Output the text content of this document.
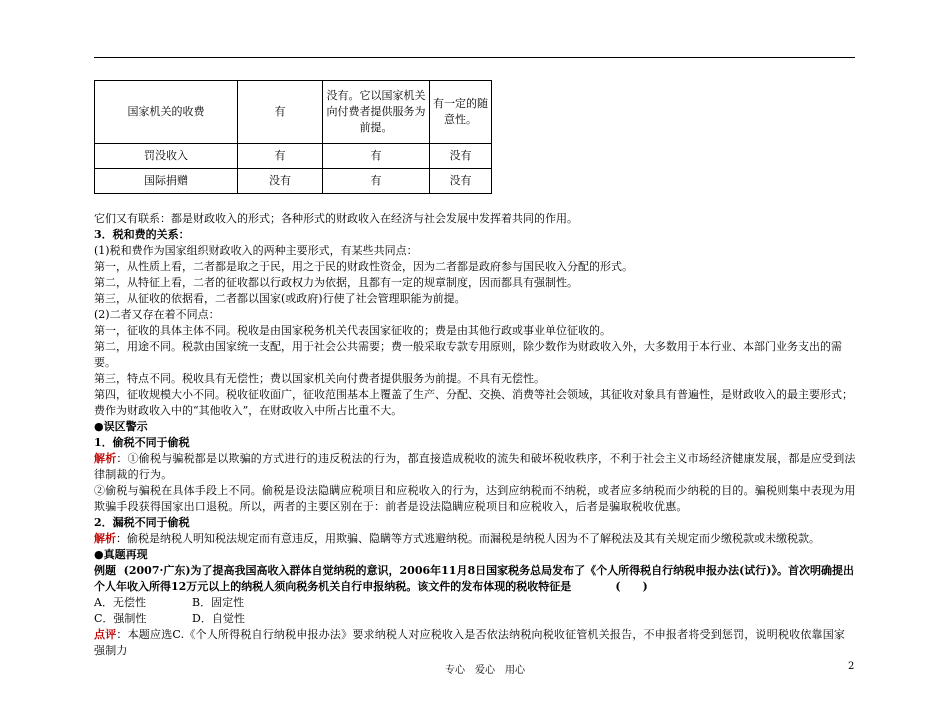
国家机关的收费	有	没有。它以国家机关向付费者提供服务为前提。	有一定的随意性。
罚没收入	有	有	没有
国际捐赠	没有	有	没有

它们又有联系：都是财政收入的形式；各种形式的财政收入在经济与社会发展中发挥着共同的作用。

3．税和费的关系：

(1)税和费作为国家组织财政收入的两种主要形式，有某些共同点：

第一，从性质上看，二者都是取之于民，用之于民的财政性资金，因为二者都是政府参与国民收入分配的形式。

第二，从特征上看，二者的征收都以行政权力为依据，且都有一定的规章制度，因而都具有强制性。

第三，从征收的依据看，二者都以国家(或政府)行使了社会管理职能为前提。

(2)二者又存在着不同点：

第一，征收的具体主体不同。税收是由国家税务机关代表国家征收的；费是由其他行政或事业单位征收的。

第二，用途不同。税款由国家统一支配，用于社会公共需要；费一般采取专款专用原则，除少数作为财政收入外，大多数用于本行业、本部门业务支出的需要。

第三，特点不同。税收具有无偿性；费以国家机关向付费者提供服务为前提。不具有无偿性。

第四，征收规模大小不同。税收征收面广，征收范围基本上覆盖了生产、分配、交换、消费等社会领域，其征收对象具有普遍性，是财政收入的最主要形式；费作为财政收入中的“其他收入”，在财政收入中所占比重不大。

●误区警示

1．偷税不同于偷税

解析：①偷税与骗税都是以欺骗的方式进行的违反税法的行为，都直接造成税收的流失和破坏税收秩序，不利于社会主义市场经济健康发展，都是应受到法律制裁的行为。

②偷税与骗税在具体手段上不同。偷税是设法隐瞒应税项目和应税收入的行为，达到应纳税而不纳税，或者应多纳税而少纳税的目的。骗税则集中表现为用欺骗手段获得国家出口退税。所以，两者的主要区别在于：前者是设法隐瞒应税项目和应税收入，后者是骗取税收优惠。

2．漏税不同于偷税

解析：偷税是纳税人明知税法规定而有意违反，用欺骗、隐瞒等方式逃避纳税。而漏税是纳税人因为不了解税法及其有关规定而少缴税款或未缴税款。

●真题再现

例题 (2007·广东)为了提高我国高收入群体自觉纳税的意识，2006年11月8日国家税务总局发布了《个人所得税自行纳税申报办法(试行)》。首次明确提出个人年收入所得12万元以上的纳税人须向税务机关自行申报纳税。该文件的发布体现的税收特征是	(　　)

A．无偿性	B．固定性

C．强制性	D．自觉性

点评：本题应选C.《个人所得税自行纳税申报办法》要求纳税人对应税收入是否依法纳税向税收征管机关报告，不申报者将受到惩罚，说明税收依靠国家强制力

专心　爱心　用心	2
